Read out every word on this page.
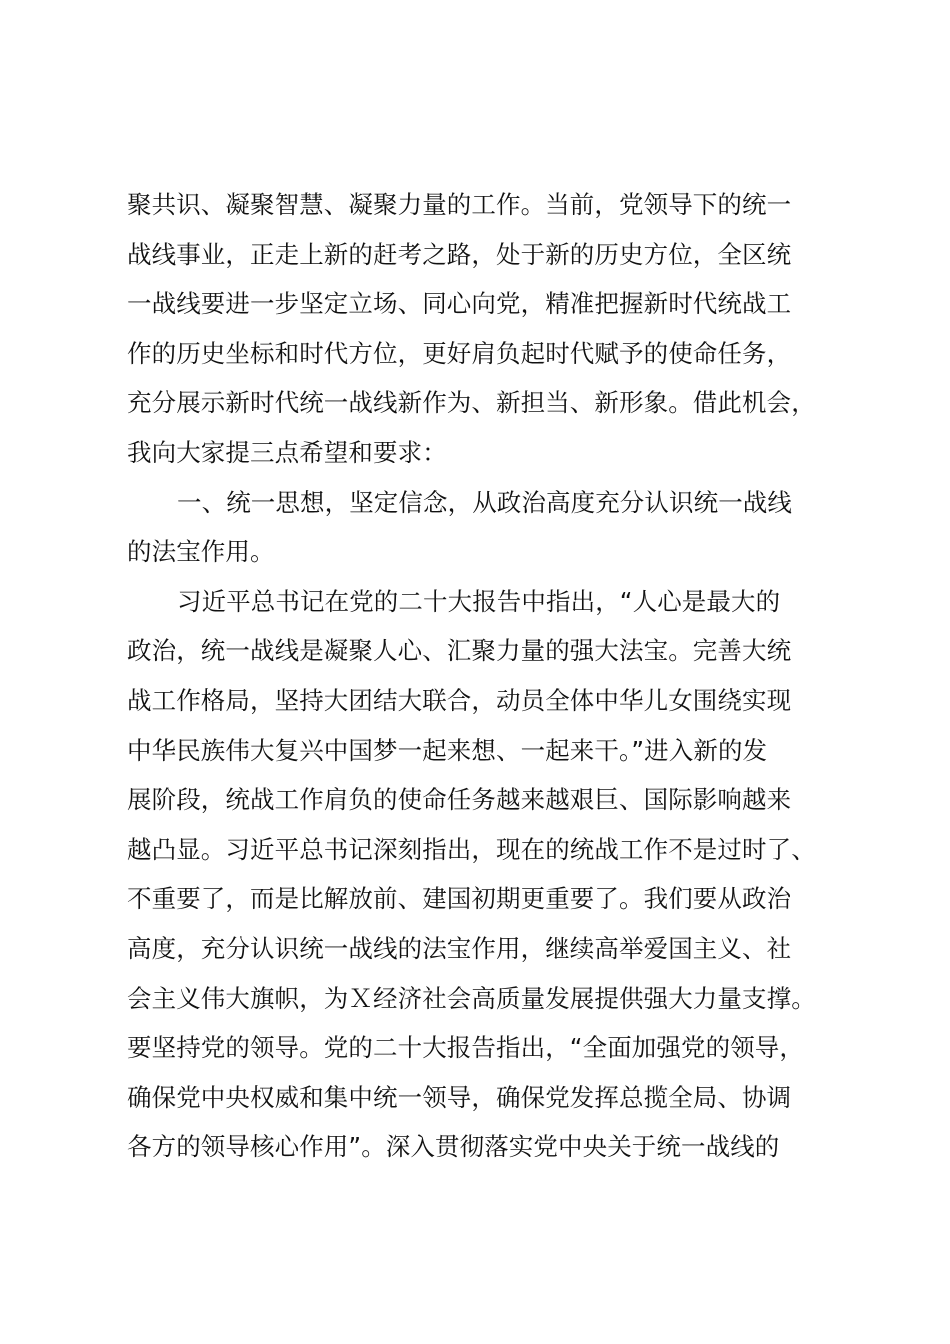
聚共识、凝聚智慧、凝聚力量的工作。当前，党领导下的统一
战线事业，正走上新的赶考之路，处于新的历史方位，全区统
一战线要进一步坚定立场、同心向党，精准把握新时代统战工
作的历史坐标和时代方位，更好肩负起时代赋予的使命任务，
充分展示新时代统一战线新作为、新担当、新形象。借此机会，
我向大家提三点希望和要求：
一、统一思想，坚定信念，从政治高度充分认识统一战线
的法宝作用。
习近平总书记在党的二十大报告中指出，“人心是最大的
政治，统一战线是凝聚人心、汇聚力量的强大法宝。完善大统
战工作格局，坚持大团结大联合，动员全体中华儿女围绕实现
中华民族伟大复兴中国梦一起来想、一起来干。”进入新的发
展阶段，统战工作肩负的使命任务越来越艰巨、国际影响越来
越凸显。习近平总书记深刻指出，现在的统战工作不是过时了、
不重要了，而是比解放前、建国初期更重要了。我们要从政治
高度，充分认识统一战线的法宝作用，继续高举爱国主义、社
会主义伟大旗帜，为Ｘ经济社会高质量发展提供强大力量支撑。
要坚持党的领导。党的二十大报告指出，“全面加强党的领导，
确保党中央权威和集中统一领导，确保党发挥总揽全局、协调
各方的领导核心作用”。深入贯彻落实党中央关于统一战线的
